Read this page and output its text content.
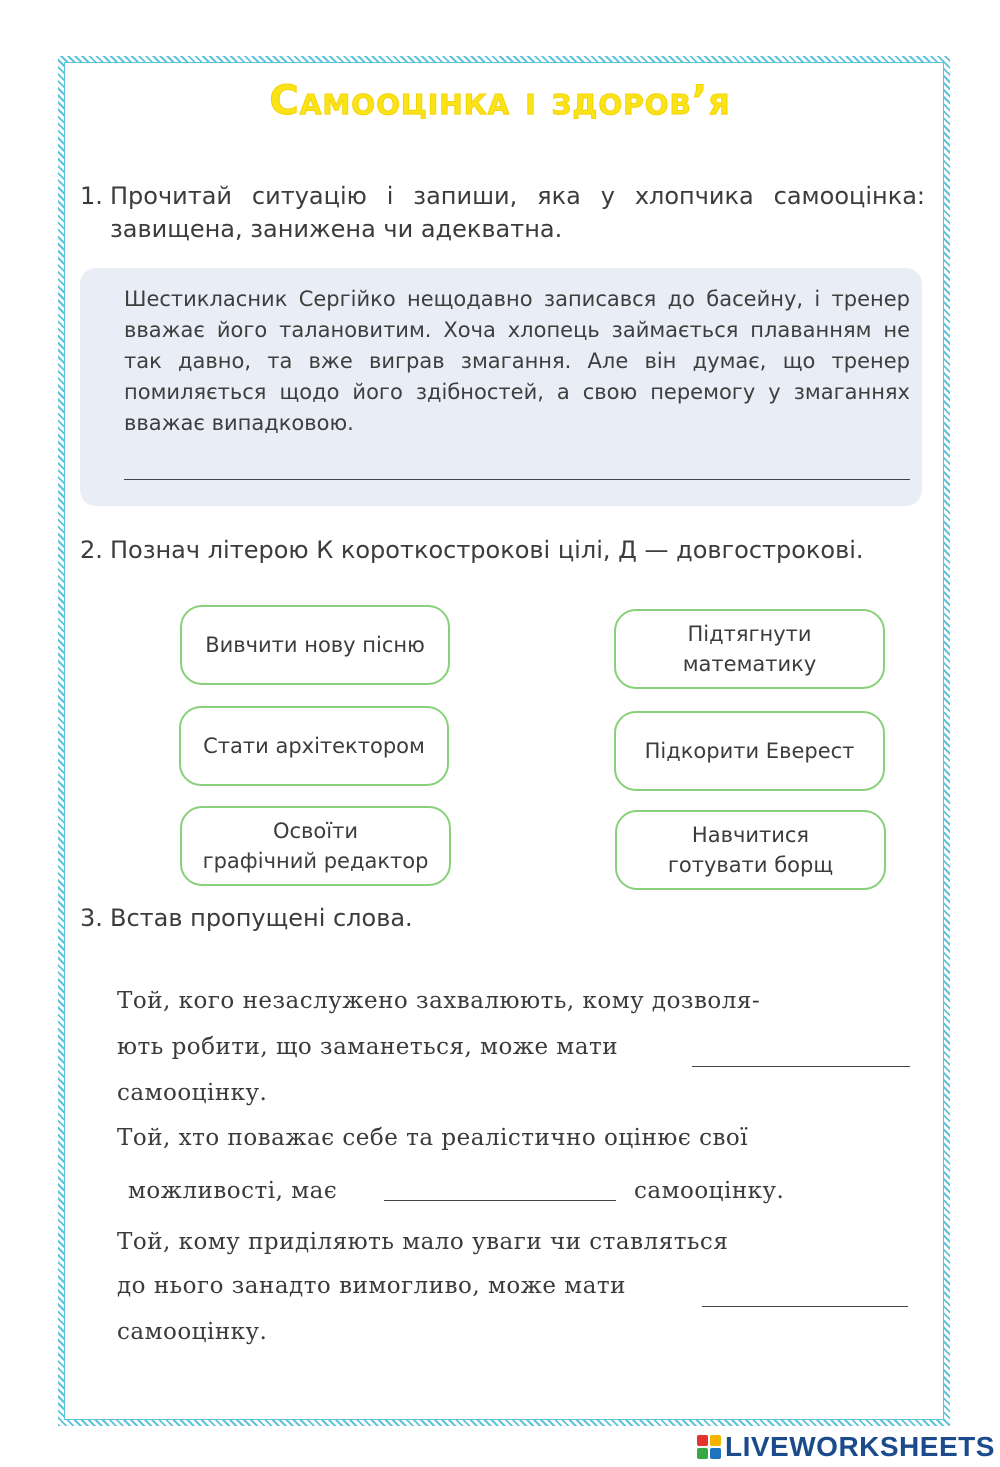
Самооцінка і здоров’я
1. Прочитай ситуацію і запиши, яка у хлопчика самооцінка:
завищена, занижена чи адекватна.
Шестикласник Сергійко нещодавно записався до басейну, і тренер вважає його талановитим. Хоча хлопець займається плаванням не так давно, та вже виграв змагання. Але він думає, що тренер помиляється щодо його здібностей, а свою перемогу у змаганнях вважає випадковою.
2. Познач літерою К короткострокові цілі, Д — довгострокові.
Вивчити нову пісню	Підтягнути
математику
Стати архітектором	Підкорити Еверест
Освоїти
графічний редактор
Навчитися
готувати борщ
3. Встав пропущені слова.
Той, кого незаслужено захвалюють, кому дозволя-
ють робити, що заманеться, може мати
самооцінку.
Той, хто поважає себе та реалістично оцінює свої
можливості, має	самооцінку.
Той, кому приділяють мало уваги чи ставляться
до нього занадто вимогливо, може мати
самооцінку.
LIVEWORKSHEETS
